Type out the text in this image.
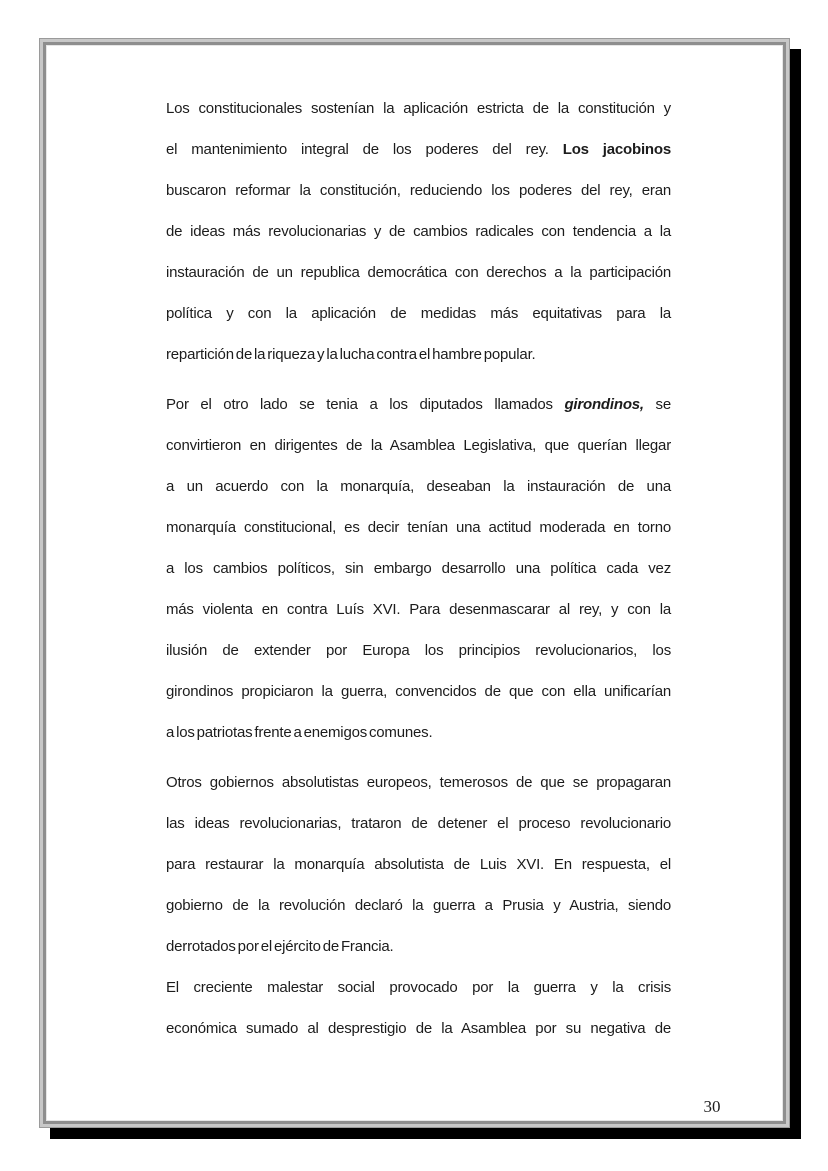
Los constitucionales sostenían la aplicación estricta de la constitución y
el mantenimiento integral de los poderes del rey. Los jacobinos
buscaron reformar la constitución, reduciendo los poderes del rey, eran
de ideas más revolucionarias y de cambios radicales con tendencia a la
instauración de un republica democrática con derechos a la participación
política y con la aplicación de medidas más equitativas para la
repartición de la riqueza y la lucha contra el hambre popular.
Por el otro lado se tenia a los diputados llamados girondinos, se
convirtieron en dirigentes de la Asamblea Legislativa, que querían llegar
a un acuerdo con la monarquía, deseaban la instauración de una
monarquía constitucional, es decir tenían una actitud moderada en torno
a los cambios políticos, sin embargo desarrollo una política cada vez
más violenta en contra Luís XVI. Para desenmascarar al rey, y con la
ilusión de extender por Europa los principios revolucionarios, los
girondinos propiciaron la guerra, convencidos de que con ella unificarían
a los patriotas frente a enemigos comunes.
Otros gobiernos absolutistas europeos, temerosos de que se propagaran
las ideas revolucionarias, trataron de detener el proceso revolucionario
para restaurar la monarquía absolutista de Luis XVI. En respuesta, el
gobierno de la revolución declaró la guerra a Prusia y Austria, siendo
derrotados por el ejército de Francia.
El creciente malestar social provocado por la guerra y la crisis
económica sumado al desprestigio de la Asamblea por su negativa de
30
